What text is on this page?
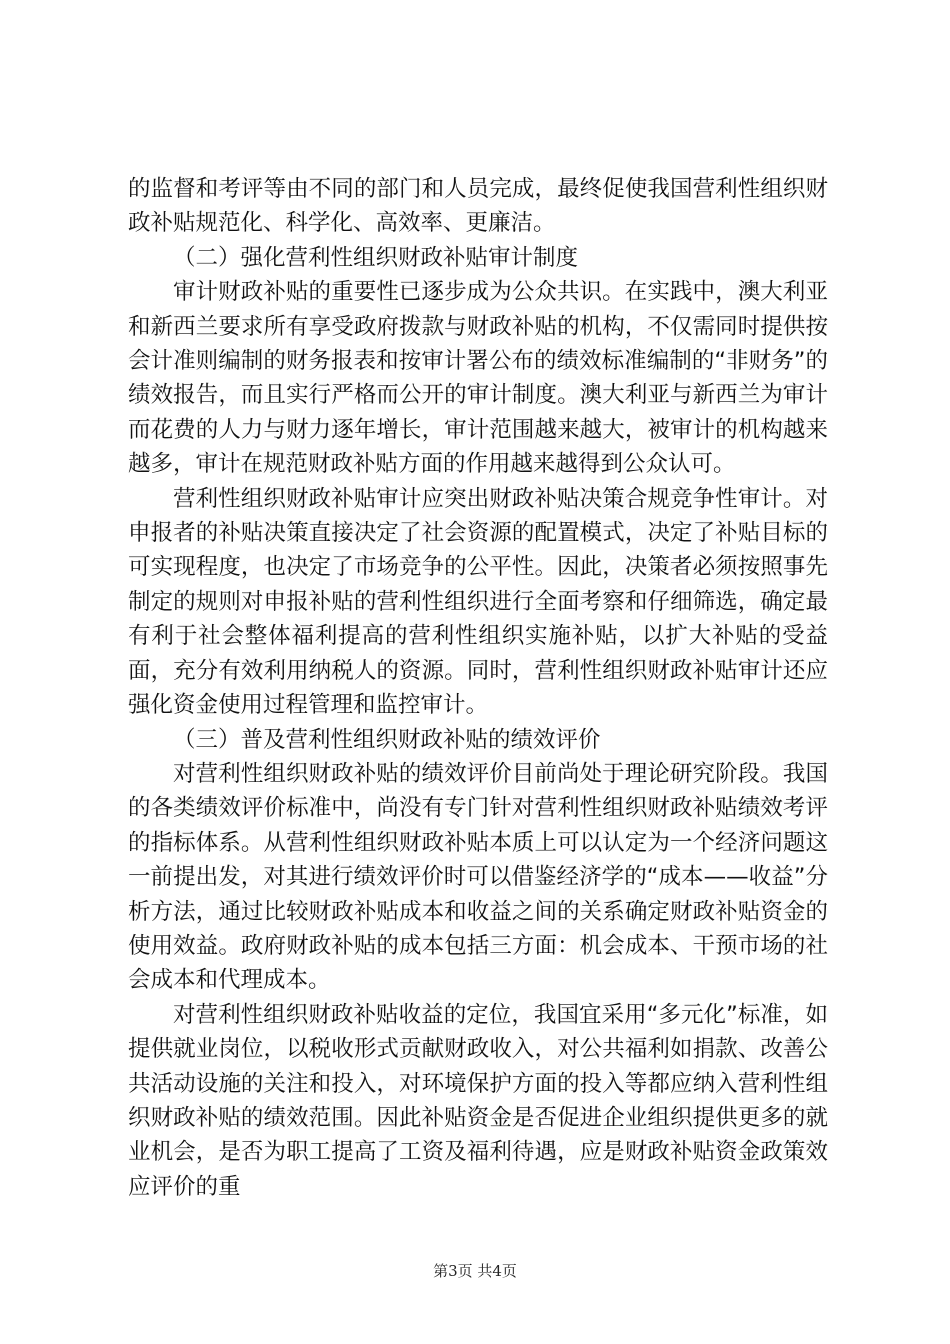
的监督和考评等由不同的部门和人员完成，最终促使我国营利性组织财政补贴规范化、科学化、高效率、更廉洁。

（二）强化营利性组织财政补贴审计制度

审计财政补贴的重要性已逐步成为公众共识。在实践中，澳大利亚和新西兰要求所有享受政府拨款与财政补贴的机构，不仅需同时提供按会计准则编制的财务报表和按审计署公布的绩效标准编制的“非财务”的绩效报告，而且实行严格而公开的审计制度。澳大利亚与新西兰为审计而花费的人力与财力逐年增长，审计范围越来越大，被审计的机构越来越多，审计在规范财政补贴方面的作用越来越得到公众认可。

营利性组织财政补贴审计应突出财政补贴决策合规竞争性审计。对申报者的补贴决策直接决定了社会资源的配置模式，决定了补贴目标的可实现程度，也决定了市场竞争的公平性。因此，决策者必须按照事先制定的规则对申报补贴的营利性组织进行全面考察和仔细筛选，确定最有利于社会整体福利提高的营利性组织实施补贴，以扩大补贴的受益面，充分有效利用纳税人的资源。同时，营利性组织财政补贴审计还应强化资金使用过程管理和监控审计。

（三）普及营利性组织财政补贴的绩效评价

对营利性组织财政补贴的绩效评价目前尚处于理论研究阶段。我国的各类绩效评价标准中，尚没有专门针对营利性组织财政补贴绩效考评的指标体系。从营利性组织财政补贴本质上可以认定为一个经济问题这一前提出发，对其进行绩效评价时可以借鉴经济学的“成本——收益”分析方法，通过比较财政补贴成本和收益之间的关系确定财政补贴资金的使用效益。政府财政补贴的成本包括三方面：机会成本、干预市场的社会成本和代理成本。

对营利性组织财政补贴收益的定位，我国宜采用“多元化”标准，如提供就业岗位，以税收形式贡献财政收入，对公共福利如捐款、改善公共活动设施的关注和投入，对环境保护方面的投入等都应纳入营利性组织财政补贴的绩效范围。因此补贴资金是否促进企业组织提供更多的就业机会，是否为职工提高了工资及福利待遇，应是财政补贴资金政策效应评价的重

第3页 共4页
